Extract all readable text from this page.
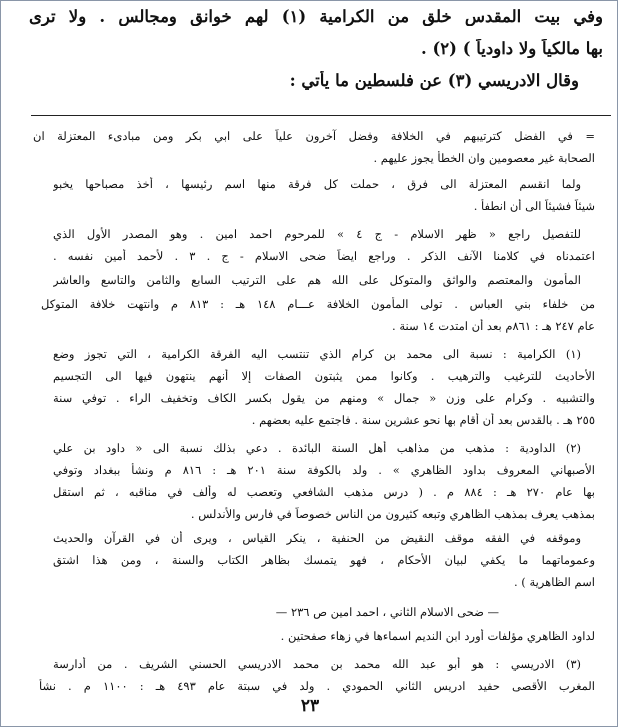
وفي بيت المقدس خلق من الكرامية (١) لهم خوانق ومجالس . ولا ترى
بها مالكياً ولا داودياً ) (٢) .
وقال الادريسي (٣) عن فلسطين ما يأتي :
= في الفضل كترتيبهم في الخلافة وفضل آخرون علياً على ابي بكر ومن مبادىء المعتزلة ان
الصحابة غير معصومين وان الخطأ يجوز عليهم .
ولما انقسم المعتزلة الى فرق ، حملت كل فرقة منها اسم رئيسها ، أخذ مصباحها يخبو
شيئاً فشيئاً الى أن انطفأ .
للتفصيل راجع « ظهر الاسلام - ج ٤ » للمرحوم احمد امين . وهو المصدر الأول الذي
اعتمدناه في كلامنا الآنف الذكر . وراجع ايضاً ضحى الاسلام - ج . ٣ . لأحمد أمين نفسه .
المأمون والمعتصم والواثق والمتوكل على الله هم على الترتيب السابع والثامن والتاسع والعاشر
من خلفاء بني العباس . تولى المأمون الخلافة عـــام ١٤٨ هـ : ٨١٣ م وانتهت خلافة المتوكل
عام ٢٤٧ هـ : ٨٦١م بعد أن امتدت ١٤ سنة .
(١) الكرامية : نسبة الى محمد بن كرام الذي تنتسب اليه الفرقة الكرامية ، التي تجوز وضع
الأحاديث للترغيب والترهيب . وكانوا ممن يثبتون الصفات إلا أنهم ينتهون فيها الى التجسيم
والتشبيه . وكرام على وزن « جمال » ومنهم من يقول بكسر الكاف وتخفيف الراء . توفي سنة
٢٥٥ هـ . بالقدس بعد أن أقام بها نحو عشرين سنة . فاجتمع عليه بعضهم .
(٢) الداودية : مذهب من مذاهب أهل السنة البائدة . دعي بذلك نسبة الى « داود بن علي
الأصبهاني المعروف بداود الظاهري » . ولد بالكوفة سنة ٢٠١ هـ : ٨١٦ م ونشأ ببغداد وتوفي
بها عام ٢٧٠ هـ : ٨٨٤ م . ( درس مذهب الشافعي وتعصب له وألف في مناقبه ، ثم استقل
بمذهب يعرف بمذهب الظاهري وتبعه كثيرون من الناس خصوصاً في فارس والأندلس .
وموقفه في الفقه موقف النقيض من الحنفية ، ينكر القياس ، ويرى أن في القرآن والحديث
وعموماتهما ما يكفي لبيان الأحكام ، فهو يتمسك بظاهر الكتاب والسنة ، ومن هذا اشتق
اسم الظاهرية ) .
— ضحى الاسلام الثاني ، احمد امين ص ٢٣٦ —
لداود الظاهري مؤلفات أورد ابن النديم اسماءها في زهاء صفحتين .
(٣) الادريسي : هو أبو عبد الله محمد بن محمد الادريسي الحسني الشريف . من أدارسة
المغرب الأقصى حفيد ادريس الثاني الحمودي . ولد في سبتة عام ٤٩٣ هـ : ١١٠٠ م . نشأ
٢٣
